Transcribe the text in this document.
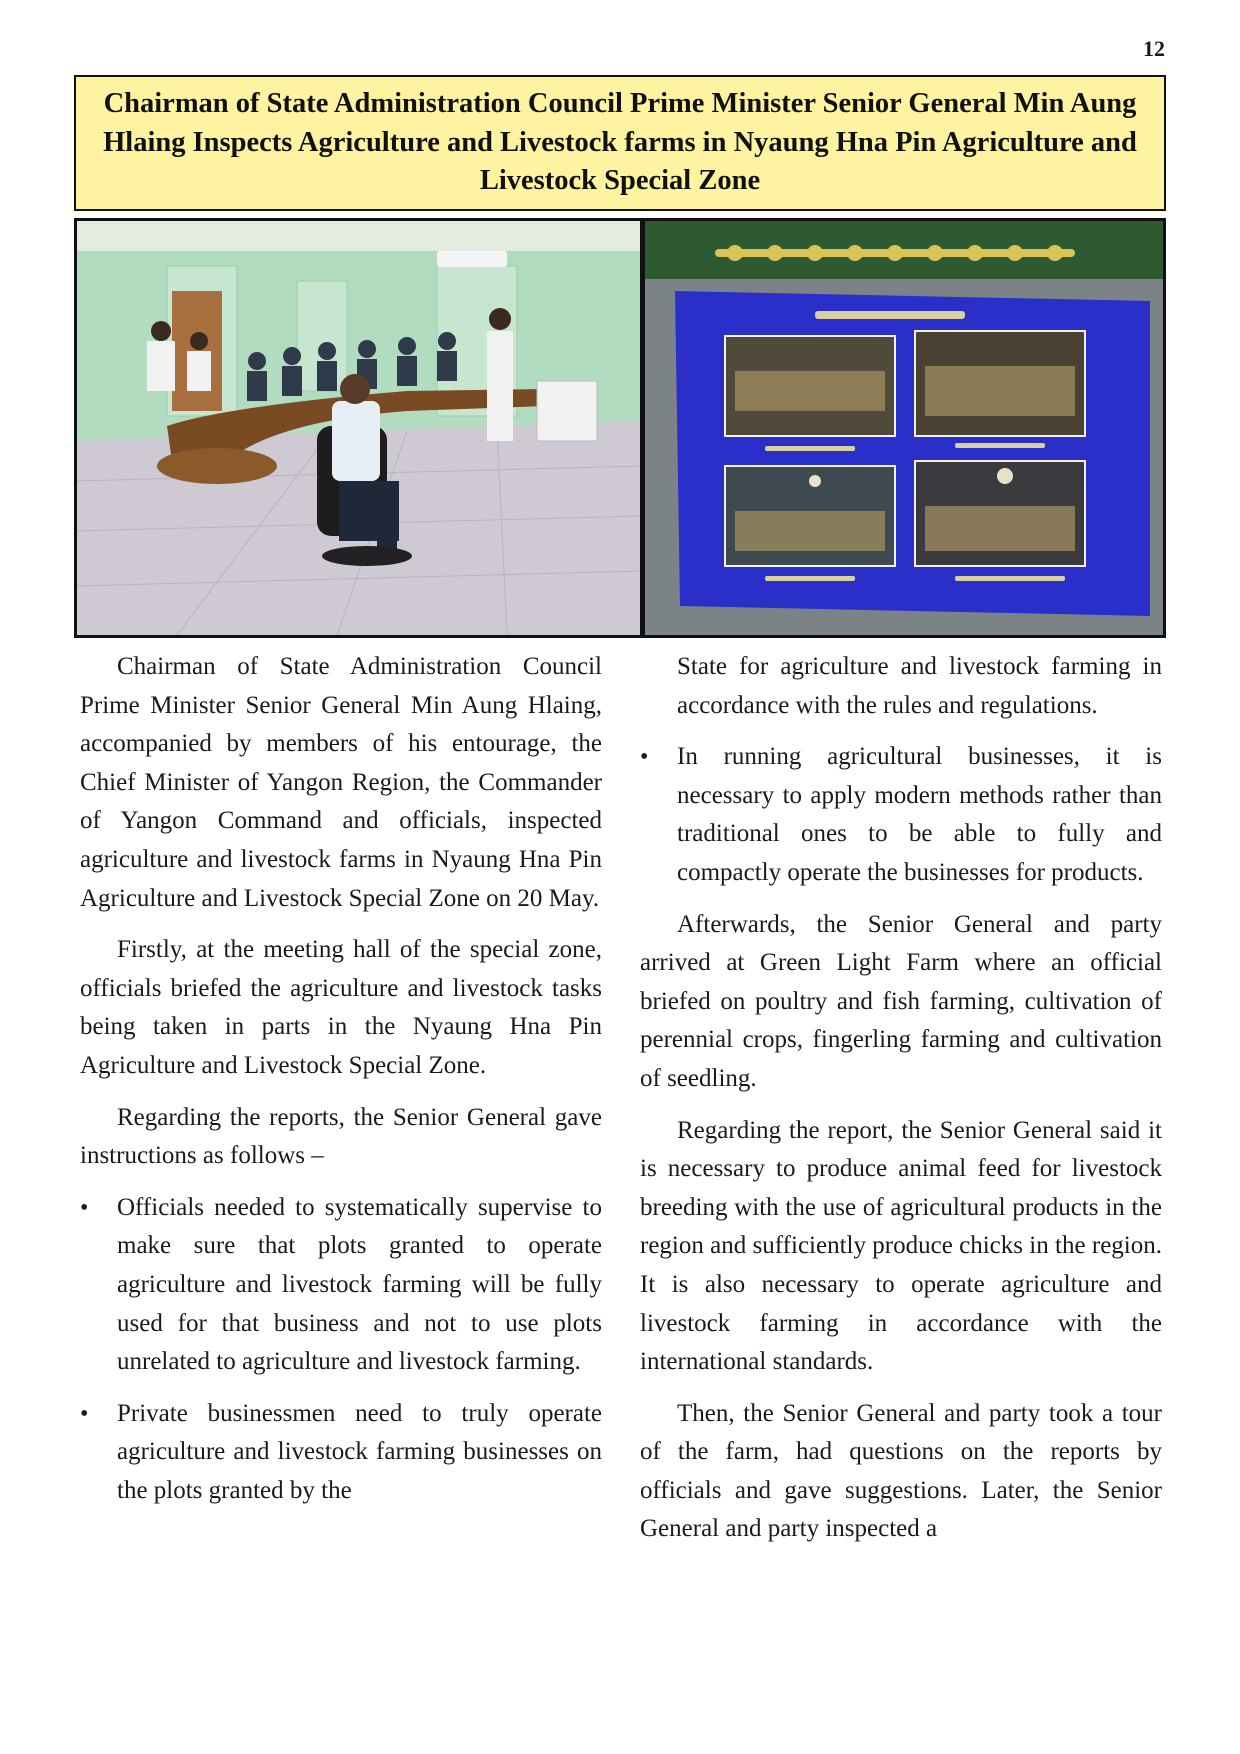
12
Chairman of State Administration Council Prime Minister Senior General Min Aung Hlaing Inspects Agriculture and Livestock farms in Nyaung Hna Pin Agriculture and Livestock Special Zone

Chairman of State Administration Council Prime Minister Senior General Min Aung Hlaing, accompanied by members of his entourage, the Chief Minister of Yangon Region, the Commander of Yangon Command and officials, inspected agriculture and livestock farms in Nyaung Hna Pin Agriculture and Livestock Special Zone on 20 May.

Firstly, at the meeting hall of the special zone, officials briefed the agriculture and livestock tasks being taken in parts in the Nyaung Hna Pin Agriculture and Livestock Special Zone.

Regarding the reports, the Senior General gave instructions as follows –

• Officials needed to systematically supervise to make sure that plots granted to operate agriculture and livestock farming will be fully used for that business and not to use plots unrelated to agriculture and livestock farming.
• Private businessmen need to truly operate agriculture and livestock farming businesses on the plots granted by the

State for agriculture and livestock farming in accordance with the rules and regulations.

• In running agricultural businesses, it is necessary to apply modern methods rather than traditional ones to be able to fully and compactly operate the businesses for products.

Afterwards, the Senior General and party arrived at Green Light Farm where an official briefed on poultry and fish farming, cultivation of perennial crops, fingerling farming and cultivation of seedling.

Regarding the report, the Senior General said it is necessary to produce animal feed for livestock breeding with the use of agricultural products in the region and sufficiently produce chicks in the region. It is also necessary to operate agriculture and livestock farming in accordance with the international standards.

Then, the Senior General and party took a tour of the farm, had questions on the reports by officials and gave suggestions. Later, the Senior General and party inspected a
